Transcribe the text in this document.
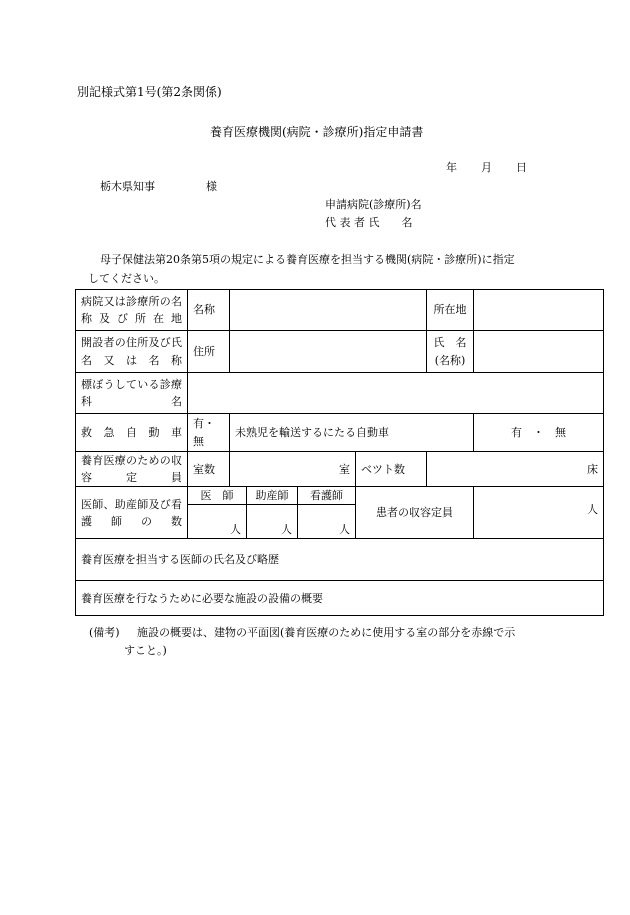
別記様式第1号(第2条関係)
養育医療機関(病院・診療所)指定申請書
年 月 日
栃木県知事	様
申請病院(診療所)名
代 表 者 氏　　名
母子保健法第20条第5項の規定による養育医療を担当する機関(病院・診療所)に指定
してください。
病院又は診療所の名称及び所在地	名称					所在地	
開設者の住所及び氏名又は名称	住所					氏　名
(名称)	

標ぼうしている診療科名							
救急自動車	有・無	未熟児を輸送するにたる自動車					有　・　無
養育医療のための収容定員	室数	室			ベツト数	床	
医師、助産師及び看護師の数	医　師		助産師	看護師	患者の収容定員		人
	人		人	人			
養育医療を担当する医師の氏名及び略歴							
養育医療を行なうために必要な施設の設備の概要							
(備考) 施設の概要は、建物の平面図(養育医療のために使用する室の部分を赤線で示
すこと。)
